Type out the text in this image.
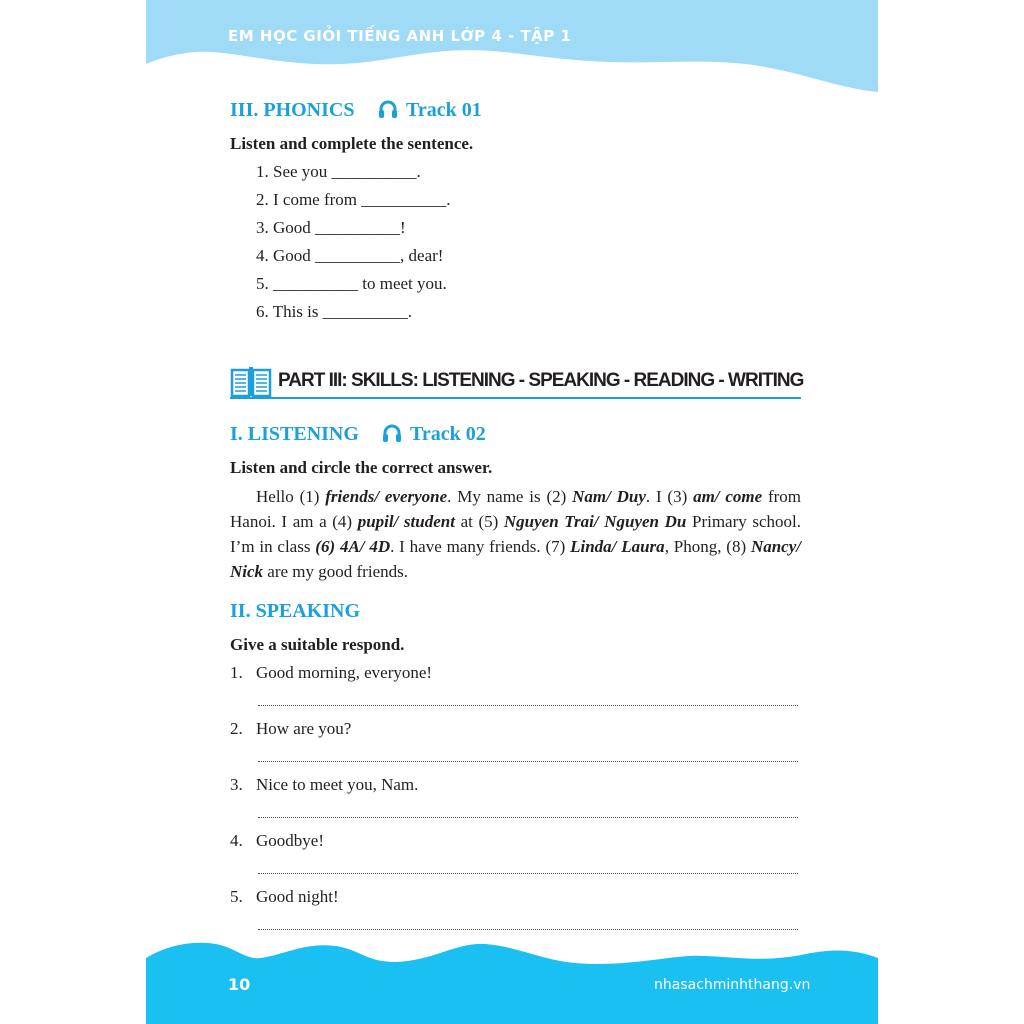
EM HỌC GIỎI TIẾNG ANH LỚP 4 - TẬP 1
III. PHONICS	Track 01
Listen and complete the sentence.
1. See you __________.
2. I come from __________.
3. Good __________!
4. Good __________, dear!
5. __________ to meet you.
6. This is __________.
PART III: SKILLS: LISTENING - SPEAKING - READING - WRITING
I. LISTENING	Track 02
Listen and circle the correct answer.
Hello (1) friends/ everyone. My name is (2) Nam/ Duy. I (3) am/ come from Hanoi. I am a (4) pupil/ student at (5) Nguyen Trai/ Nguyen Du Primary school. I’m in class (6) 4A/ 4D. I have many friends. (7) Linda/ Laura, Phong, (8) Nancy/ Nick are my good friends.
II. SPEAKING
Give a suitable respond.
1. Good morning, everyone!
2. How are you?
3. Nice to meet you, Nam.
4. Goodbye!
5. Good night!
10	nhasachminhthang.vn
